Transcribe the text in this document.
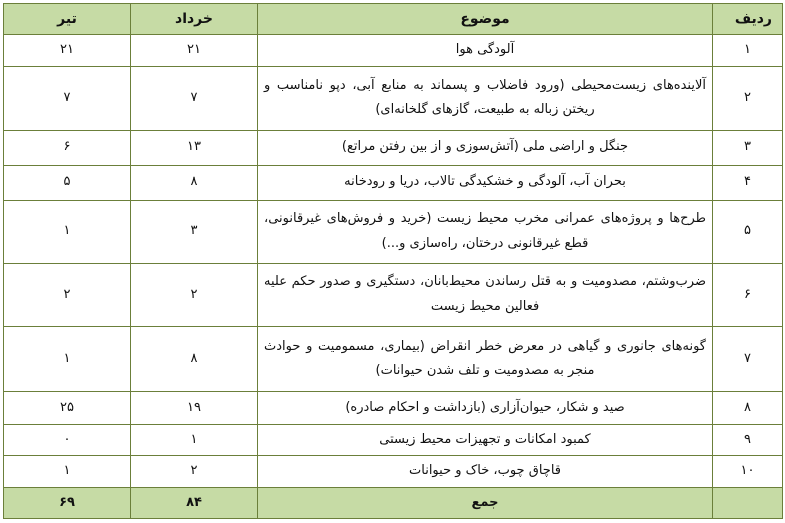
ردیف	موضوع	خرداد	تیر
۱	آلودگی هوا	۲۱	۲۱
۲	آلاینده‌های زیست‌محیطی (ورود فاضلاب و پسماند به منابع آبی، دپو نامناسب و ریختن زباله به طبیعت، گازهای گلخانه‌ای)	۷	۷
۳	جنگل و اراضی ملی (آتش‌سوزی و از بین رفتن مراتع)	۱۳	۶
۴	بحران آب، آلودگی و خشکیدگی تالاب، دریا و رودخانه	۸	۵
۵	طرح‌ها و پروژه‌های عمرانی مخرب محیط زیست (خرید و فروش‌های غیرقانونی، قطع غیرقانونی درختان، راه‌سازی و...)	۳	۱
۶	ضرب‌وشتم، مصدومیت و به قتل رساندن محیط‌بانان، دستگیری و صدور حکم علیه فعالین محیط زیست	۲	۲
۷	گونه‌های جانوری و گیاهی در معرض خطر انقراض (بیماری، مسمومیت و حوادث منجر به مصدومیت و تلف شدن حیوانات)	۸	۱
۸	صید و شکار، حیوان‌آزاری (بازداشت و احکام صادره)	۱۹	۲۵
۹	کمبود امکانات و تجهیزات محیط زیستی	۱	۰
۱۰	قاچاق چوب، خاک و حیوانات	۲	۱
	جمع	۸۴	۶۹
